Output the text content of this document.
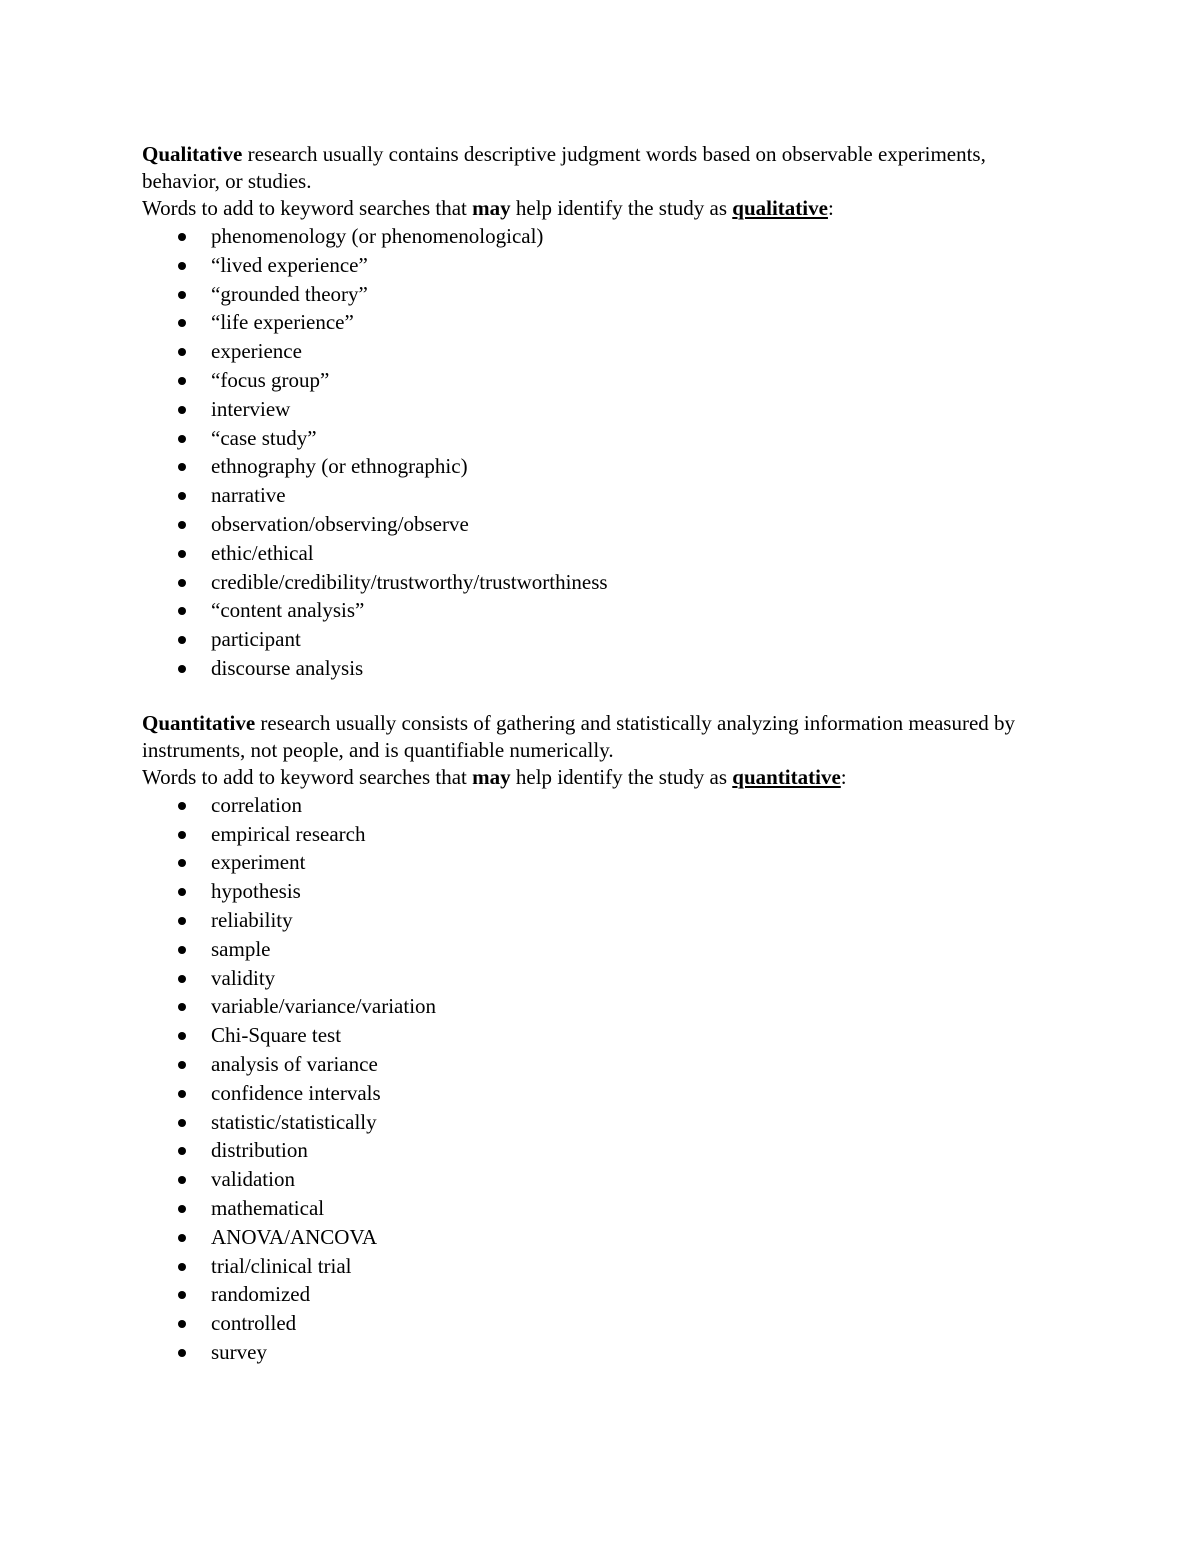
Qualitative research usually contains descriptive judgment words based on observable experiments, behavior, or studies.

Words to add to keyword searches that may help identify the study as qualitative:

phenomenology (or phenomenological)
“lived experience”
“grounded theory”
“life experience”
experience
“focus group”
interview
“case study”
ethnography (or ethnographic)
narrative
observation/observing/observe
ethic/ethical
credible/credibility/trustworthy/trustworthiness
“content analysis”
participant
discourse analysis

Quantitative research usually consists of gathering and statistically analyzing information measured by instruments, not people, and is quantifiable numerically.

Words to add to keyword searches that may help identify the study as quantitative:

correlation
empirical research
experiment
hypothesis
reliability
sample
validity
variable/variance/variation
Chi-Square test
analysis of variance
confidence intervals
statistic/statistically
distribution
validation
mathematical
ANOVA/ANCOVA
trial/clinical trial
randomized
controlled
survey
